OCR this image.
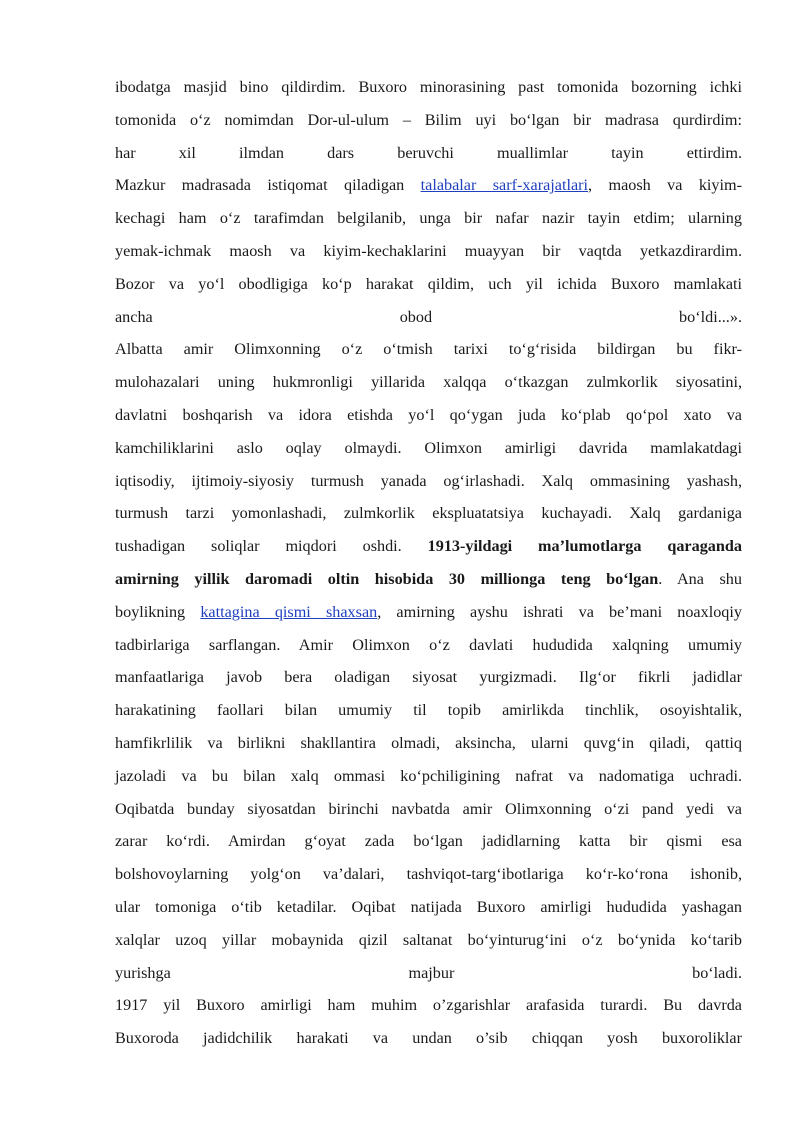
ibodatga masjid bino qildirdim. Buxoro minorasining past tomonida bozorning ichki
tomonida o‘z nomimdan Dor-ul-ulum – Bilim uyi bo‘lgan bir madrasa qurdirdim:
har xil ilmdan dars beruvchi muallimlar tayin ettirdim.
Mazkur madrasada istiqomat qiladigan talabalar sarf-xarajatlari , maosh va kiyim-
kechagi ham o‘z tarafimdan belgilanib, unga bir nafar nazir tayin etdim; ularning
yemak-ichmak maosh va kiyim-kechaklarini muayyan bir vaqtda yetkazdirardim.
Bozor va yo‘l obodligiga ko‘p harakat qildim, uch yil ichida Buxoro mamlakati
ancha obod bo‘ldi...».
Albatta amir Olimxonning o‘z o‘tmish tarixi to‘g‘risida bildirgan bu fikr-
mulohazalari uning hukmronligi yillarida xalqqa o‘tkazgan zulmkorlik siyosatini,
davlatni boshqarish va idora etishda yo‘l qo‘ygan juda ko‘plab qo‘pol xato va
kamchiliklarini aslo oqlay olmaydi. Olimxon amirligi davrida mamlakatdagi
iqtisodiy, ijtimoiy-siyosiy turmush yanada og‘irlashadi. Xalq ommasining yashash,
turmush tarzi yomonlashadi, zulmkorlik ekspluatatsiya kuchayadi. Xalq gardaniga
tushadigan soliqlar miqdori oshdi. 1913-yildagi ma’lumotlarga qaraganda
amirning yillik daromadi oltin hisobida 30 millionga teng bo‘lgan . Ana shu
boylikning kattagina qismi shaxsan , amirning ayshu ishrati va be’mani noaxloqiy
tadbirlariga sarflangan. Amir Olimxon o‘z davlati hududida xalqning umumiy
manfaatlariga javob bera oladigan siyosat yurgizmadi. Ilg‘or fikrli jadidlar
harakatining faollari bilan umumiy til topib amirlikda tinchlik, osoyishtalik,
hamfikrlilik va birlikni shakllantira olmadi, aksincha, ularni quvg‘in qiladi, qattiq
jazoladi va bu bilan xalq ommasi ko‘pchiligining nafrat va nadomatiga uchradi.
Oqibatda bunday siyosatdan birinchi navbatda amir Olimxonning o‘zi pand yedi va
zarar ko‘rdi. Amirdan g‘oyat zada bo‘lgan jadidlarning katta bir qismi esa
bolshovoylarning yolg‘on va’dalari, tashviqot-targ‘ibotlariga ko‘r-ko‘rona ishonib,
ular tomoniga o‘tib ketadilar. Oqibat natijada Buxoro amirligi hududida yashagan
xalqlar uzoq yillar mobaynida qizil saltanat bo‘yinturug‘ini o‘z bo‘ynida ko‘tarib
yurishga majbur bo‘ladi.
1917 yil Buxoro amirligi ham muhim o’zgarishlar arafasida turardi. Bu davrda
Buxoroda jadidchilik harakati va undan o’sib chiqqan yosh buxoroliklar
